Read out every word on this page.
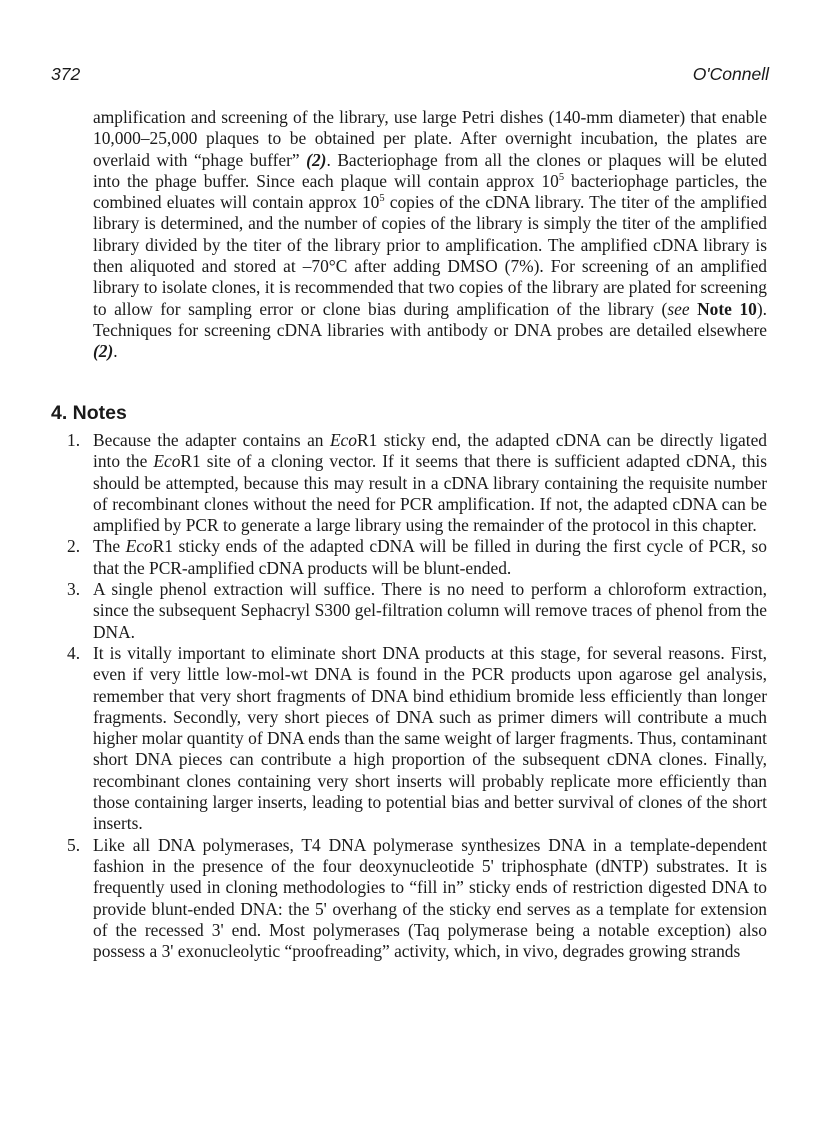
372	O'Connell

amplification and screening of the library, use large Petri dishes (140-mm diameter) that enable 10,000–25,000 plaques to be obtained per plate. After overnight incubation, the plates are overlaid with “phage buffer” (2). Bacteriophage from all the clones or plaques will be eluted into the phage buffer. Since each plaque will contain approx $10^5$ bacteriophage particles, the combined eluates will contain approx $10^5$ copies of the cDNA library. The titer of the amplified library is determined, and the number of copies of the library is simply the titer of the amplified library divided by the titer of the library prior to amplification. The amplified cDNA library is then aliquoted and stored at –70°C after adding DMSO (7%). For screening of an amplified library to isolate clones, it is recommended that two copies of the library are plated for screening to allow for sampling error or clone bias during amplification of the library (see Note 10). Techniques for screening cDNA libraries with antibody or DNA probes are detailed elsewhere (2).

4. Notes
1. Because the adapter contains an EcoR1 sticky end, the adapted cDNA can be directly ligated into the EcoR1 site of a cloning vector. If it seems that there is sufficient adapted cDNA, this should be attempted, because this may result in a cDNA library containing the requisite number of recombinant clones without the need for PCR amplification. If not, the adapted cDNA can be amplified by PCR to generate a large library using the remainder of the protocol in this chapter.
2. The EcoR1 sticky ends of the adapted cDNA will be filled in during the first cycle of PCR, so that the PCR-amplified cDNA products will be blunt-ended.
3. A single phenol extraction will suffice. There is no need to perform a chloroform extraction, since the subsequent Sephacryl S300 gel-filtration column will remove traces of phenol from the DNA.
4. It is vitally important to eliminate short DNA products at this stage, for several reasons. First, even if very little low-mol-wt DNA is found in the PCR products upon agarose gel analysis, remember that very short fragments of DNA bind ethidium bromide less efficiently than longer fragments. Secondly, very short pieces of DNA such as primer dimers will contribute a much higher molar quantity of DNA ends than the same weight of larger fragments. Thus, contaminant short DNA pieces can contribute a high proportion of the subsequent cDNA clones. Finally, recombinant clones containing very short inserts will probably replicate more efficiently than those containing larger inserts, leading to potential bias and better survival of clones of the short inserts.
5. Like all DNA polymerases, T4 DNA polymerase synthesizes DNA in a template-dependent fashion in the presence of the four deoxynucleotide 5' triphosphate (dNTP) substrates. It is frequently used in cloning methodologies to “fill in” sticky ends of restriction digested DNA to provide blunt-ended DNA: the 5' overhang of the sticky end serves as a template for extension of the recessed 3' end. Most polymerases (Taq polymerase being a notable exception) also possess a 3' exonucleolytic “proofreading” activity, which, in vivo, degrades growing strands
